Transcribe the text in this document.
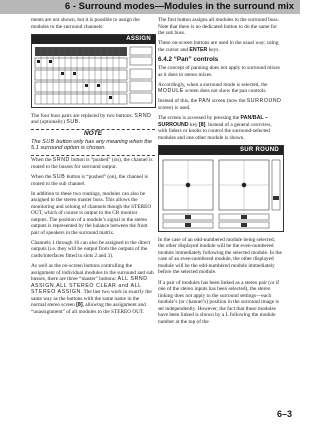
6 - Surround modes—Modules in the surround mix

ments are not shown, but it is possible to assign the modules to the surround channels:

ASSIGN

The four buss pairs are replaced by two buttons: SRND and (optionally) SUB.

NOTE

The SUB button only has any meaning when the 5.1 surround option is chosen.

When the SRND button is “pushed” (on), the channel is routed to the busses for surround output.

When the SUB button is “pushed” (on), the channel is routed to the sub channel.

In addition to these two routings, modules can also be assigned to the stereo master buss. This allows the monitoring and soloing of channels though the STEREO OUT, which of course is output to the CR monitor outputs. The position of a module’s signal in the stereo outputs is represented by the balance between the front pair of speakers in the surround matrix.

Channels 1 through 16 can also be assigned to the direct outputs (i.e. they will be output from the outputs of the cards/interfaces fitted in slots 2 and 3).

As well as the on-screen buttons controlling the assignment of individual modules to the surround and sub busses, there are three “master” buttons: ALL SRND ASSIGN,ALL STEREO CLEAR and ALL STEREO ASSIGN. The last two work in exactly the same way as the buttons with the same name in the normal stereo screen [8], allowing the assignment and “unassignment” of all modules to the STEREO OUT.

The first button assigns all modules to the surround buss. Note that there is no dedicated button to do the same for the sub buss.

These on-screen buttons are used in the usual way; using the cursor and ENTER keys.

6.4.2 “Pan” controls

The concept of panning does not apply to surround mixes as it does to stereo mixes.

Accordingly, when a surround mode is selected, the MODULE screen does not show the pan controls.

Instead of this, the PAN screen (now the SURROUND screen) is used.

The screen is accessed by pressing the PAN/BAL – SURROUND key [8]. Instead of a general overview, with faders or knobs to control the surround-selected modules and one other module is shown.

SUR ROUND

In the case of an odd-numbered module being selected, the other displayed module will be the even-numbered module immediately following the selected module. In the case of an even-numbered module, the other displayed module will be the odd-numbered module immediately before the selected module.

If a pair of modules has been linked as a stereo pair (or if one of the stereo inputs has been selected), the stereo linking does not apply to the surround settings—each module’s (or channel’s) position in the surround image is set independently. However, the fact that these modules have been linked is shown by a L following the module number at the top of the

6–3
